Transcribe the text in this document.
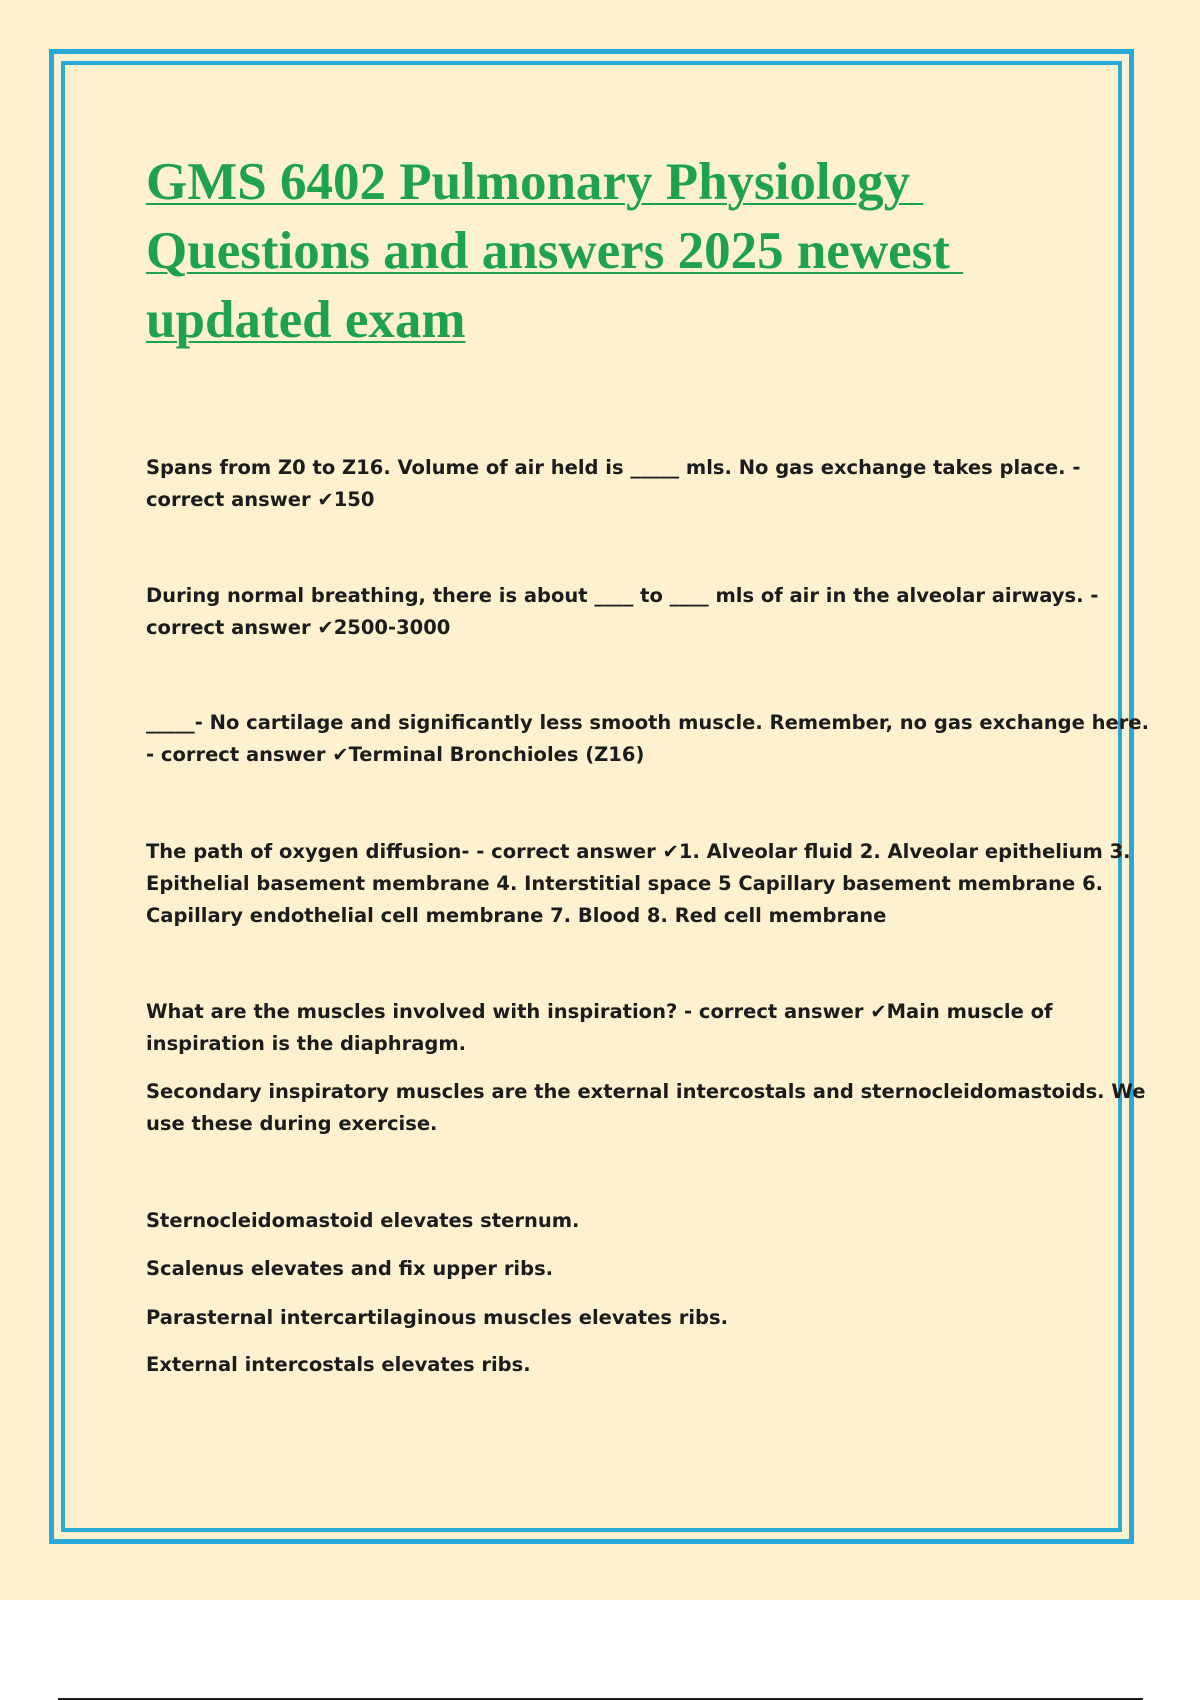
GMS 6402 Pulmonary Physiology
Questions and answers 2025 newest
updated exam
Spans from Z0 to Z16. Volume of air held is _____ mls. No gas exchange takes place. -
correct answer ✔150
During normal breathing, there is about ____ to ____ mls of air in the alveolar airways. -
correct answer ✔2500-3000
_____- No cartilage and significantly less smooth muscle. Remember, no gas exchange here.
- correct answer ✔Terminal Bronchioles (Z16)
The path of oxygen diffusion- - correct answer ✔1. Alveolar fluid 2. Alveolar epithelium 3.
Epithelial basement membrane 4. Interstitial space 5 Capillary basement membrane 6.
Capillary endothelial cell membrane 7. Blood 8. Red cell membrane
What are the muscles involved with inspiration? - correct answer ✔Main muscle of
inspiration is the diaphragm.
Secondary inspiratory muscles are the external intercostals and sternocleidomastoids. We
use these during exercise.
Sternocleidomastoid elevates sternum.
Scalenus elevates and fix upper ribs.
Parasternal intercartilaginous muscles elevates ribs.
External intercostals elevates ribs.
